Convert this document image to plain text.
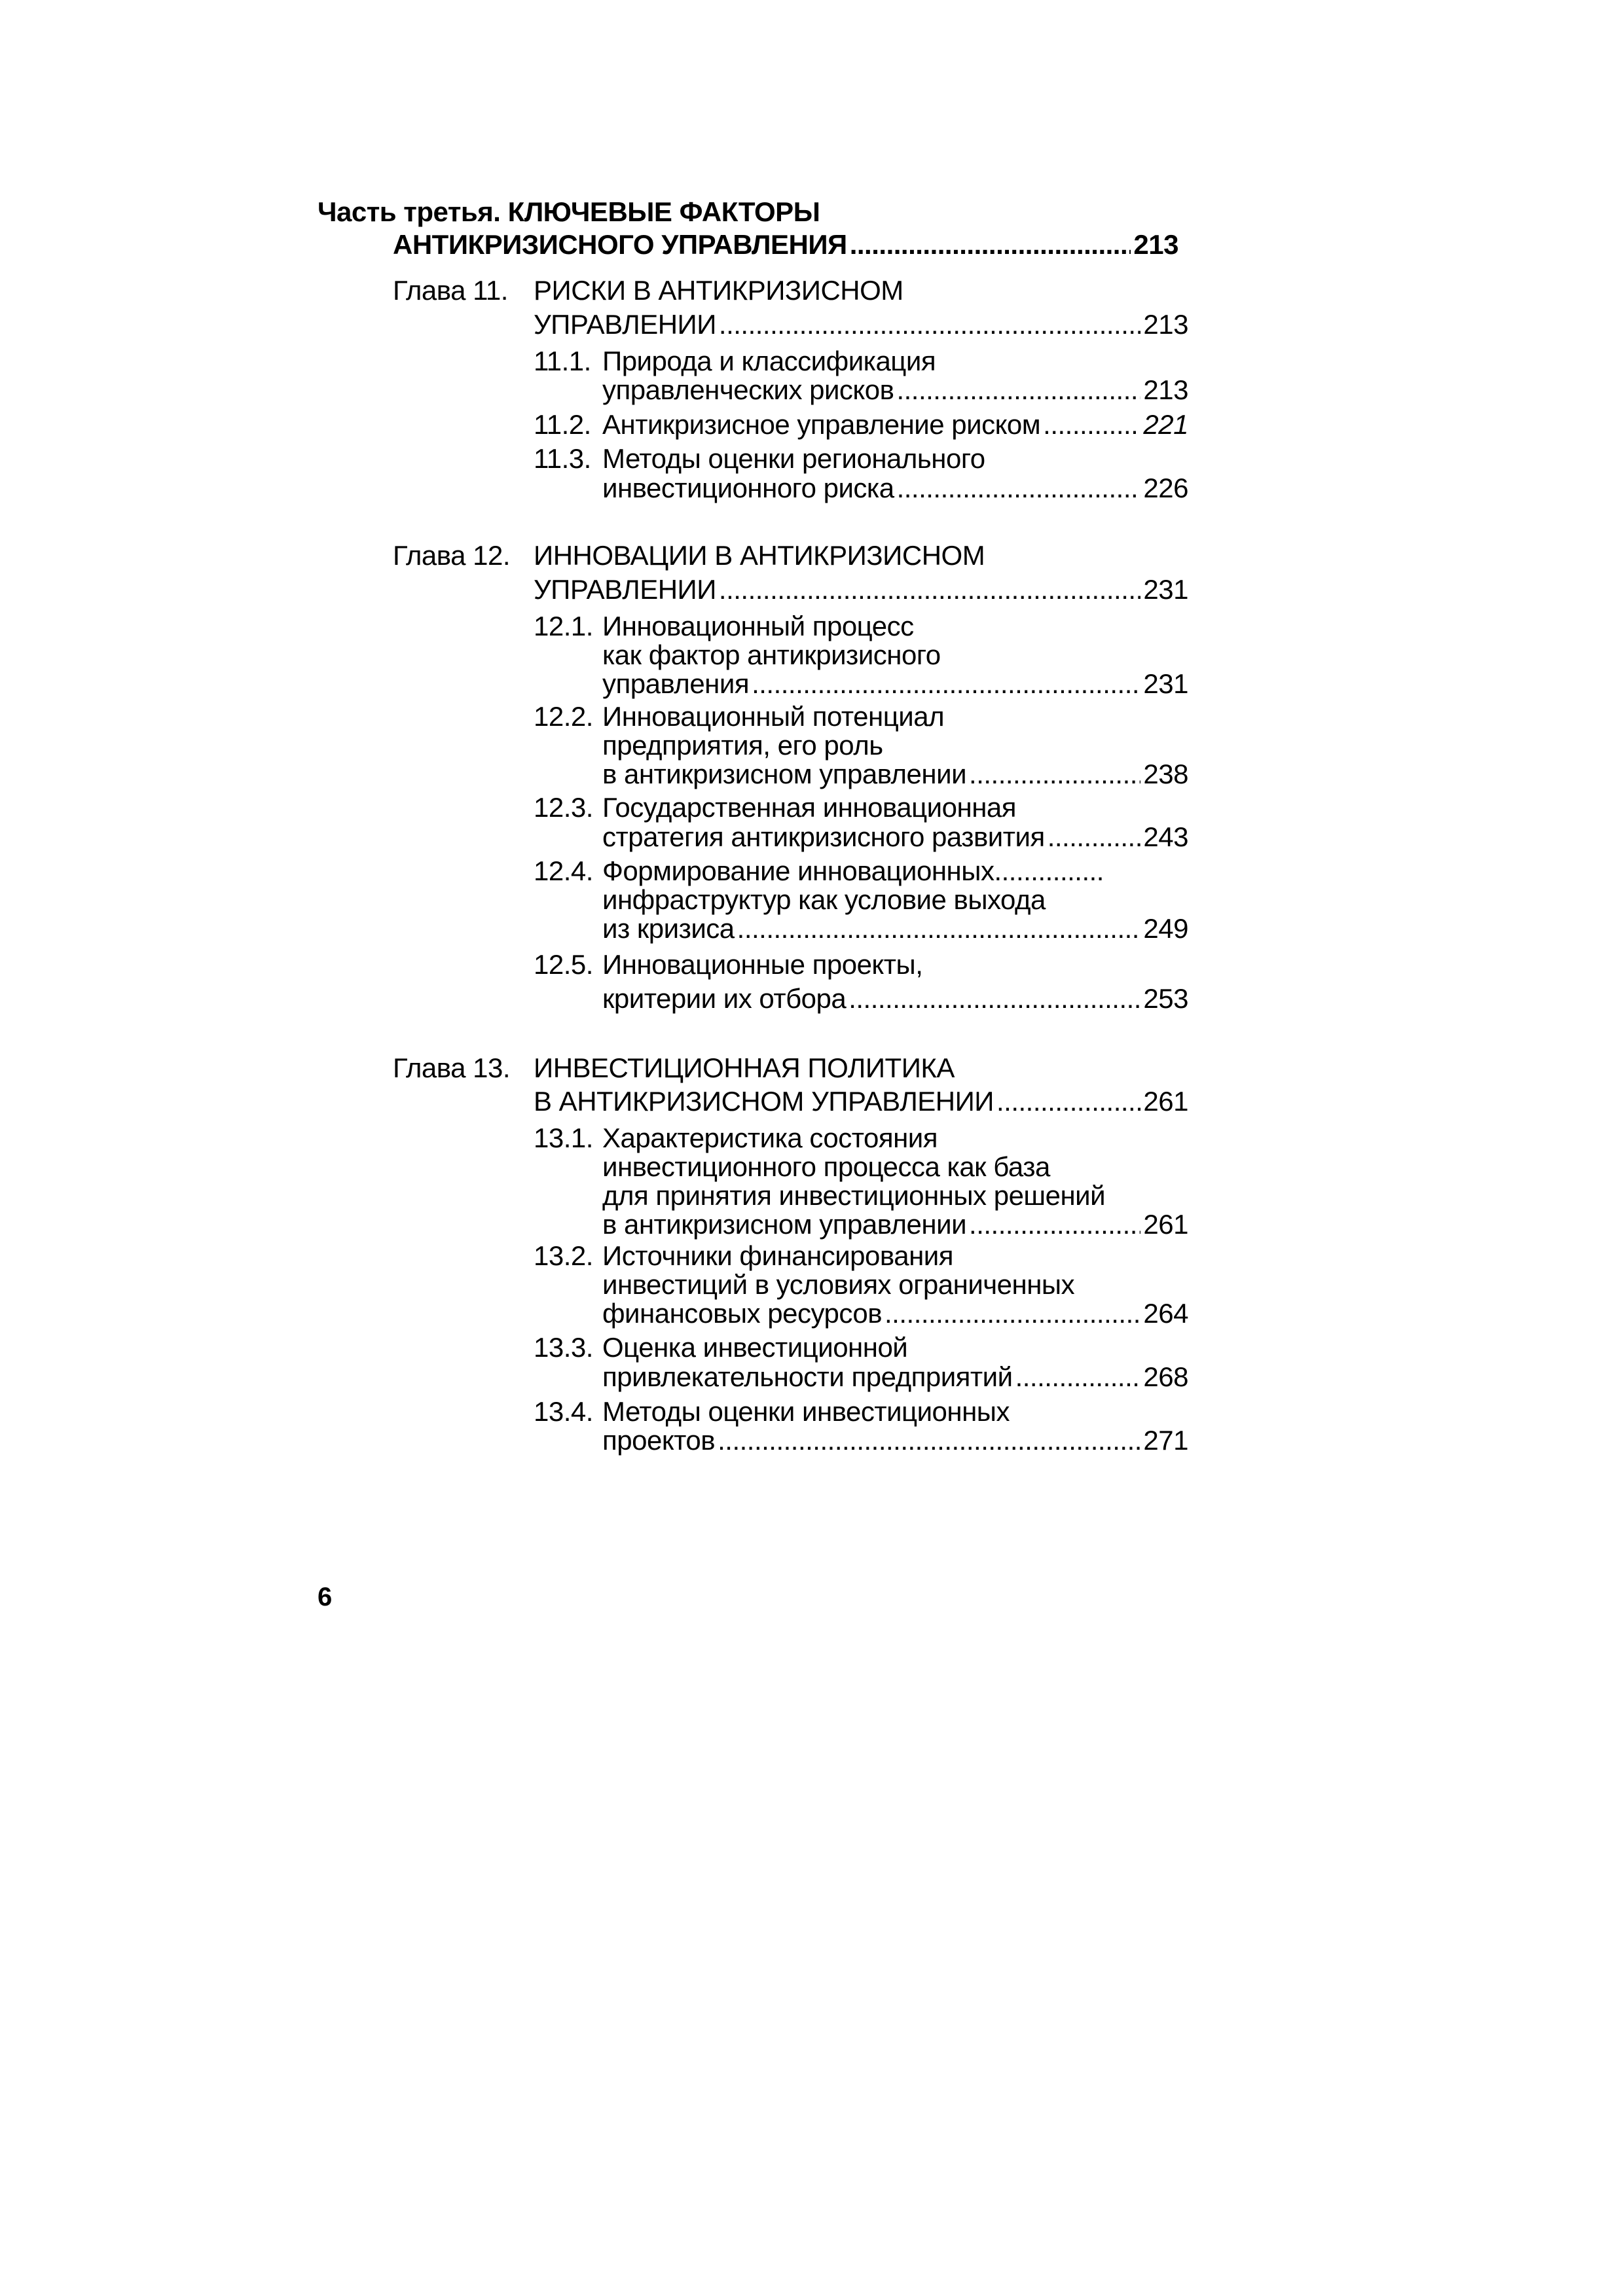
Часть третья. КЛЮЧЕВЫЕ ФАКТОРЫ
АНТИКРИЗИСНОГО УПРАВЛЕНИЯ .....	213
Глава 11. РИСКИ В АНТИКРИЗИСНОМ
УПРАВЛЕНИИ .....	213
11.1. Природа и классификация
управленческих рисков .....	213
11.2. Антикризисное управление риском .....	221
11.3. Методы оценки регионального
инвестиционного риска .....	226
Глава 12. ИННОВАЦИИ В АНТИКРИЗИСНОМ
УПРАВЛЕНИИ .....	231
12.1. Инновационный процесс
как фактор антикризисного
управления .....	231
12.2. Инновационный потенциал
предприятия, его роль
в антикризисном управлении .....	238
12.3. Государственная инновационная
стратегия антикризисного развития .....	243
12.4. Формирование инновационных...............
инфраструктур как условие выхода
из кризиса .....	249
12.5. Инновационные проекты,
критерии их отбора .....	253
Глава 13. ИНВЕСТИЦИОННАЯ ПОЛИТИКА
В АНТИКРИЗИСНОМ УПРАВЛЕНИИ .....	261
13.1. Характеристика состояния
инвестиционного процесса как база
для принятия инвестиционных решений
в антикризисном управлении .....	261
13.2. Источники финансирования
инвестиций в условиях ограниченных
финансовых ресурсов .....	264
13.3. Оценка инвестиционной
привлекательности предприятий .....	268
13.4. Методы оценки инвестиционных
проектов .....	271
6
